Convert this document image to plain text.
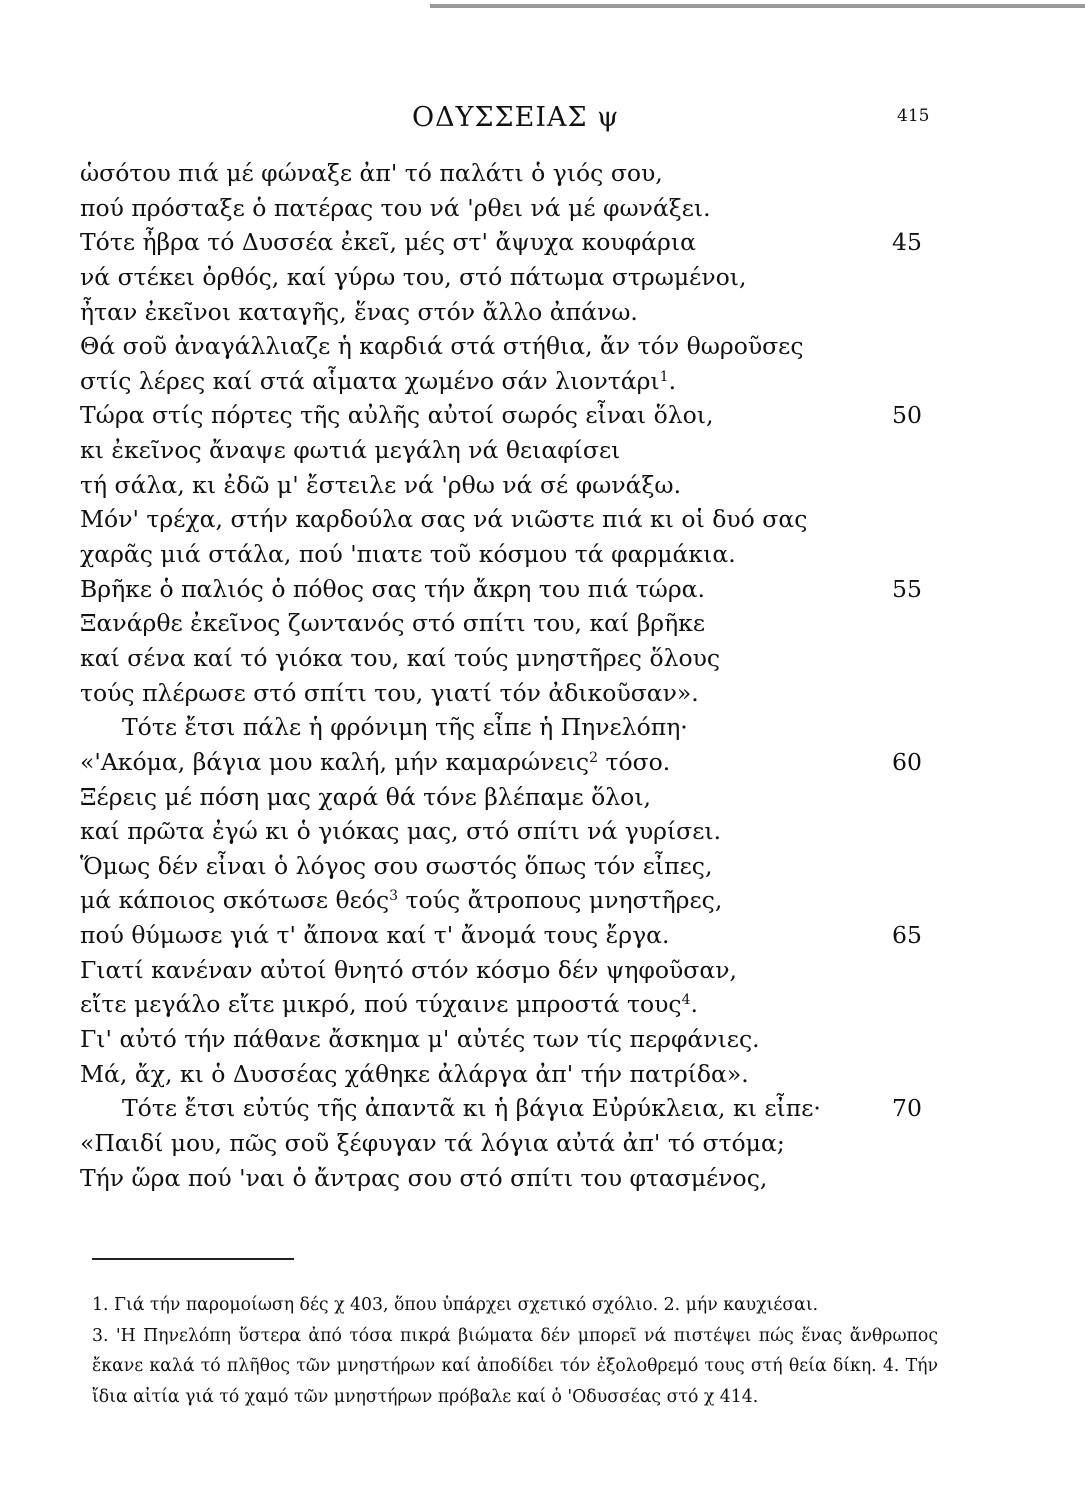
ΟΔΥΣΣΕΙΑΣ ψ	415
ὡσότου πιά μέ φώναξε ἀπ' τό παλάτι ὁ γιός σου,
πού πρόσταξε ὁ πατέρας του νά 'ρθει νά μέ φωνάξει.
Τότε ἦβρα τό Δυσσέα ἐκεῖ, μές στ' ἄψυχα κουφάρια	45
νά στέκει ὀρθός, καί γύρω του, στό πάτωμα στρωμένοι,
ἦταν ἐκεῖνοι καταγῆς, ἕνας στόν ἄλλο ἀπάνω.
Θά σοῦ ἀναγάλλιαζε ἡ καρδιά στά στήθια, ἄν τόν θωροῦσες
στίς λέρες καί στά αἷματα χωμένο σάν λιοντάρι$^1$.
Τώρα στίς πόρτες τῆς αὐλῆς αὐτοί σωρός εἶναι ὅλοι,	50
κι ἐκεῖνος ἄναψε φωτιά μεγάλη νά θειαφίσει
τή σάλα, κι ἐδῶ μ' ἔστειλε νά 'ρθω νά σέ φωνάξω.
Μόν' τρέχα, στήν καρδούλα σας νά νιῶστε πιά κι οἱ δυό σας
χαρᾶς μιά στάλα, πού 'πιατε τοῦ κόσμου τά φαρμάκια.
Βρῆκε ὁ παλιός ὁ πόθος σας τήν ἄκρη του πιά τώρα.	55
Ξανάρθε ἐκεῖνος ζωντανός στό σπίτι του, καί βρῆκε
καί σένα καί τό γιόκα του, καί τούς μνηστῆρες ὅλους
τούς πλέρωσε στό σπίτι του, γιατί τόν ἀδικοῦσαν».
Τότε ἔτσι πάλε ἡ φρόνιμη τῆς εἶπε ἡ Πηνελόπη·
«'Ακόμα, βάγια μου καλή, μήν καμαρώνεις$^2$ τόσο.	60
Ξέρεις μέ πόση μας χαρά θά τόνε βλέπαμε ὅλοι,
καί πρῶτα ἐγώ κι ὁ γιόκας μας, στό σπίτι νά γυρίσει.
Ὅμως δέν εἶναι ὁ λόγος σου σωστός ὅπως τόν εἶπες,
μά κάποιος σκότωσε θεός$^3$ τούς ἄτροπους μνηστῆρες,
πού θύμωσε γιά τ' ἄπονα καί τ' ἄνομά τους ἔργα.	65
Γιατί κανέναν αὐτοί θνητό στόν κόσμο δέν ψηφοῦσαν,
εἴτε μεγάλο εἴτε μικρό, πού τύχαινε μπροστά τους$^4$.
Γι' αὐτό τήν πάθανε ἄσκημα μ' αὐτές των τίς περφάνιες.
Μά, ἄχ, κι ὁ Δυσσέας χάθηκε ἀλάργα ἀπ' τήν πατρίδα».
Τότε ἔτσι εὐτύς τῆς ἀπαντᾶ κι ἡ βάγια Εὐρύκλεια, κι εἶπε·	70
«Παιδί μου, πῶς σοῦ ξέφυγαν τά λόγια αὐτά ἀπ' τό στόμα;
Τήν ὥρα πού 'ναι ὁ ἄντρας σου στό σπίτι του φτασμένος,

1. Γιά τήν παρομοίωση δές χ 403, ὅπου ὑπάρχει σχετικό σχόλιο. 2. μήν καυχιέσαι.

3. 'Η Πηνελόπη ὕστερα ἀπό τόσα πικρά βιώματα δέν μπορεῖ νά πιστέψει πώς ἕνας ἄνθρωπος ἔκανε καλά τό πλῆθος τῶν μνηστήρων καί ἀποδίδει τόν ἐξολοθρεμό τους στή θεία δίκη. 4. Τήν ἴδια αἰτία γιά τό χαμό τῶν μνηστήρων πρόβαλε καί ὁ 'Οδυσσέας στό χ 414.
